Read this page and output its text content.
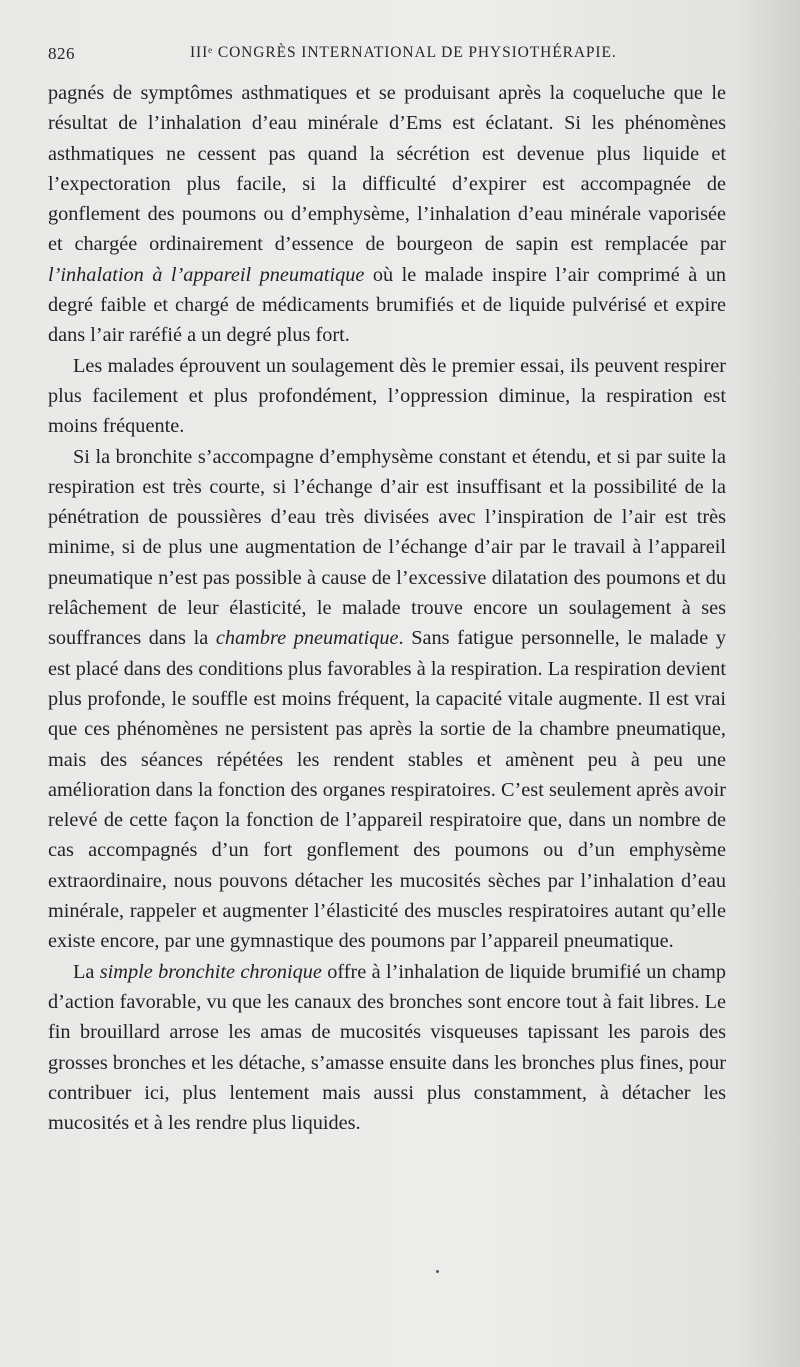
826	IIIᵉ CONGRÈS INTERNATIONAL DE PHYSIOTHÉRAPIE.

pagnés de symptômes asthmatiques et se produisant après la coqueluche que le résultat de l’inhalation d’eau minérale d’Ems est éclatant. Si les phénomènes asthmatiques ne cessent pas quand la sécrétion est devenue plus liquide et l’expectoration plus facile, si la difficulté d’expirer est accompagnée de gonflement des poumons ou d’emphysème, l’inhalation d’eau minérale vaporisée et chargée ordinairement d’essence de bourgeon de sapin est remplacée par l’inhalation à l’appareil pneumatique où le malade inspire l’air comprimé à un degré faible et chargé de médicaments brumifiés et de liquide pulvérisé et expire dans l’air raréfié a un degré plus fort.

Les malades éprouvent un soulagement dès le premier essai, ils peuvent respirer plus facilement et plus profondément, l’oppression diminue, la respiration est moins fréquente.

Si la bronchite s’accompagne d’emphysème constant et étendu, et si par suite la respiration est très courte, si l’échange d’air est insuffisant et la possibilité de la pénétration de poussières d’eau très divisées avec l’inspiration de l’air est très minime, si de plus une augmentation de l’échange d’air par le travail à l’appareil pneumatique n’est pas possible à cause de l’excessive dilatation des poumons et du relâchement de leur élasticité, le malade trouve encore un soulagement à ses souffrances dans la chambre pneumatique. Sans fatigue personnelle, le malade y est placé dans des conditions plus favorables à la respiration. La respiration devient plus profonde, le souffle est moins fréquent, la capacité vitale augmente. Il est vrai que ces phénomènes ne persistent pas après la sortie de la chambre pneumatique, mais des séances répétées les rendent stables et amènent peu à peu une amélioration dans la fonction des organes respiratoires. C’est seulement après avoir relevé de cette façon la fonction de l’appareil respiratoire que, dans un nombre de cas accompagnés d’un fort gonflement des poumons ou d’un emphysème extraordinaire, nous pouvons détacher les mucosités sèches par l’inhalation d’eau minérale, rappeler et augmenter l’élasticité des muscles respiratoires autant qu’elle existe encore, par une gymnastique des poumons par l’appareil pneumatique.

La simple bronchite chronique offre à l’inhalation de liquide brumifié un champ d’action favorable, vu que les canaux des bronches sont encore tout à fait libres. Le fin brouillard arrose les amas de mucosités visqueuses tapissant les parois des grosses bronches et les détache, s’amasse ensuite dans les bronches plus fines, pour contribuer ici, plus lentement mais aussi plus constamment, à détacher les mucosités et à les rendre plus liquides.
